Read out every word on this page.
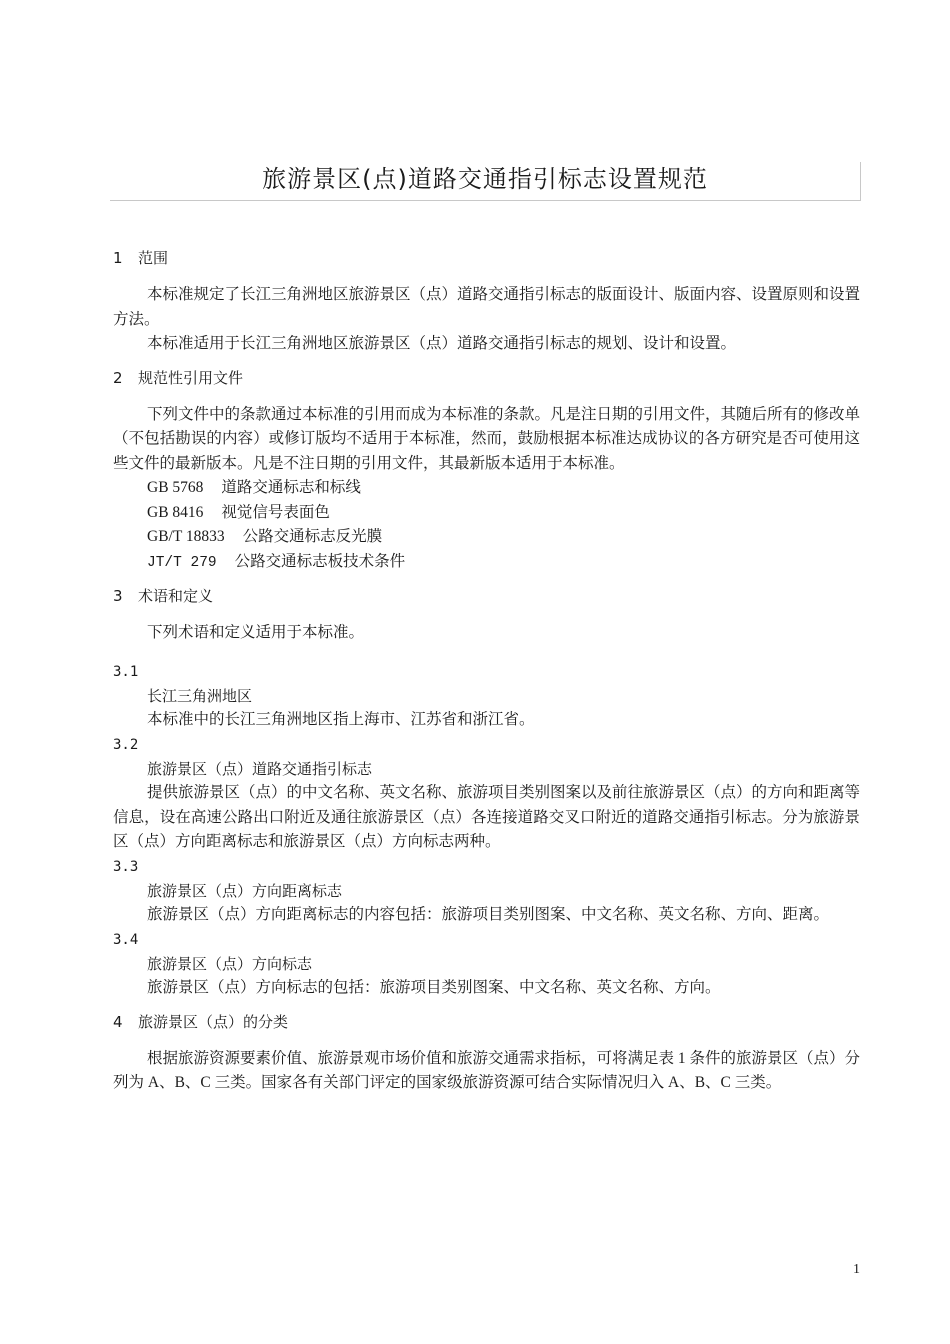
旅游景区(点)道路交通指引标志设置规范
1	范围

本标准规定了长江三角洲地区旅游景区（点）道路交通指引标志的版面设计、版面内容、设置原则和设置方法。

本标准适用于长江三角洲地区旅游景区（点）道路交通指引标志的规划、设计和设置。

2	规范性引用文件

下列文件中的条款通过本标准的引用而成为本标准的条款。凡是注日期的引用文件，其随后所有的修改单（不包括勘误的内容）或修订版均不适用于本标准，然而，鼓励根据本标准达成协议的各方研究是否可使用这些文件的最新版本。凡是不注日期的引用文件，其最新版本适用于本标准。

GB 5768 道路交通标志和标线

GB 8416 视觉信号表面色

GB/T 18833 公路交通标志反光膜

JT/T 279 公路交通标志板技术条件

3	术语和定义

下列术语和定义适用于本标准。

3.1

长江三角洲地区

本标准中的长江三角洲地区指上海市、江苏省和浙江省。

3.2

旅游景区（点）道路交通指引标志

提供旅游景区（点）的中文名称、英文名称、旅游项目类别图案以及前往旅游景区（点）的方向和距离等信息，设在高速公路出口附近及通往旅游景区（点）各连接道路交叉口附近的道路交通指引标志。分为旅游景区（点）方向距离标志和旅游景区（点）方向标志两种。

3.3

旅游景区（点）方向距离标志

旅游景区（点）方向距离标志的内容包括：旅游项目类别图案、中文名称、英文名称、方向、距离。

3.4

旅游景区（点）方向标志

旅游景区（点）方向标志的包括：旅游项目类别图案、中文名称、英文名称、方向。

4	旅游景区（点）的分类

根据旅游资源要素价值、旅游景观市场价值和旅游交通需求指标，可将满足表 1 条件的旅游景区（点）分列为 A、B、C 三类。国家各有关部门评定的国家级旅游资源可结合实际情况归入 A、B、C 三类。

1
